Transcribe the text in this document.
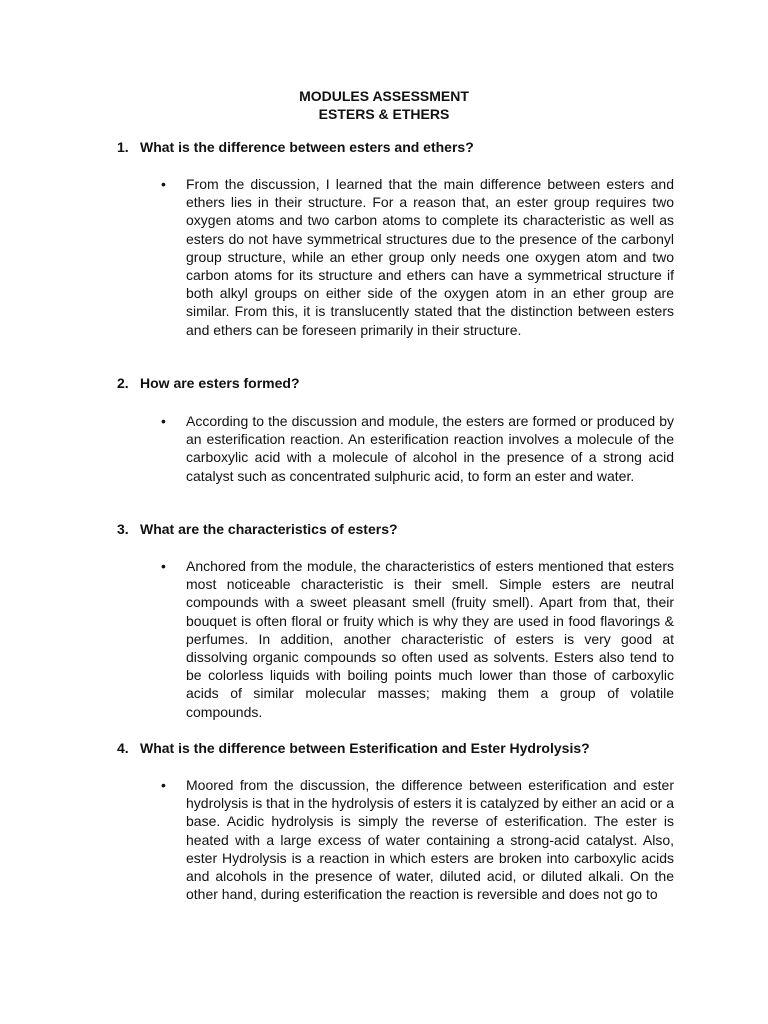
MODULES ASSESSMENT
ESTERS & ETHERS
1. What is the difference between esters and ethers?
• From the discussion, I learned that the main difference between esters and ethers lies in their structure. For a reason that, an ester group requires two oxygen atoms and two carbon atoms to complete its characteristic as well as esters do not have symmetrical structures due to the presence of the carbonyl group structure, while an ether group only needs one oxygen atom and two carbon atoms for its structure and ethers can have a symmetrical structure if both alkyl groups on either side of the oxygen atom in an ether group are similar. From this, it is translucently stated that the distinction between esters and ethers can be foreseen primarily in their structure.
2. How are esters formed?
• According to the discussion and module, the esters are formed or produced by an esterification reaction. An esterification reaction involves a molecule of the carboxylic acid with a molecule of alcohol in the presence of a strong acid catalyst such as concentrated sulphuric acid, to form an ester and water.
3. What are the characteristics of esters?
• Anchored from the module, the characteristics of esters mentioned that esters most noticeable characteristic is their smell. Simple esters are neutral compounds with a sweet pleasant smell (fruity smell). Apart from that, their bouquet is often floral or fruity which is why they are used in food flavorings & perfumes. In addition, another characteristic of esters is very good at dissolving organic compounds so often used as solvents. Esters also tend to be colorless liquids with boiling points much lower than those of carboxylic acids of similar molecular masses; making them a group of volatile compounds.
4. What is the difference between Esterification and Ester Hydrolysis?
• Moored from the discussion, the difference between esterification and ester hydrolysis is that in the hydrolysis of esters it is catalyzed by either an acid or a base. Acidic hydrolysis is simply the reverse of esterification. The ester is heated with a large excess of water containing a strong-acid catalyst. Also, ester Hydrolysis is a reaction in which esters are broken into carboxylic acids and alcohols in the presence of water, diluted acid, or diluted alkali. On the other hand, during esterification the reaction is reversible and does not go to
